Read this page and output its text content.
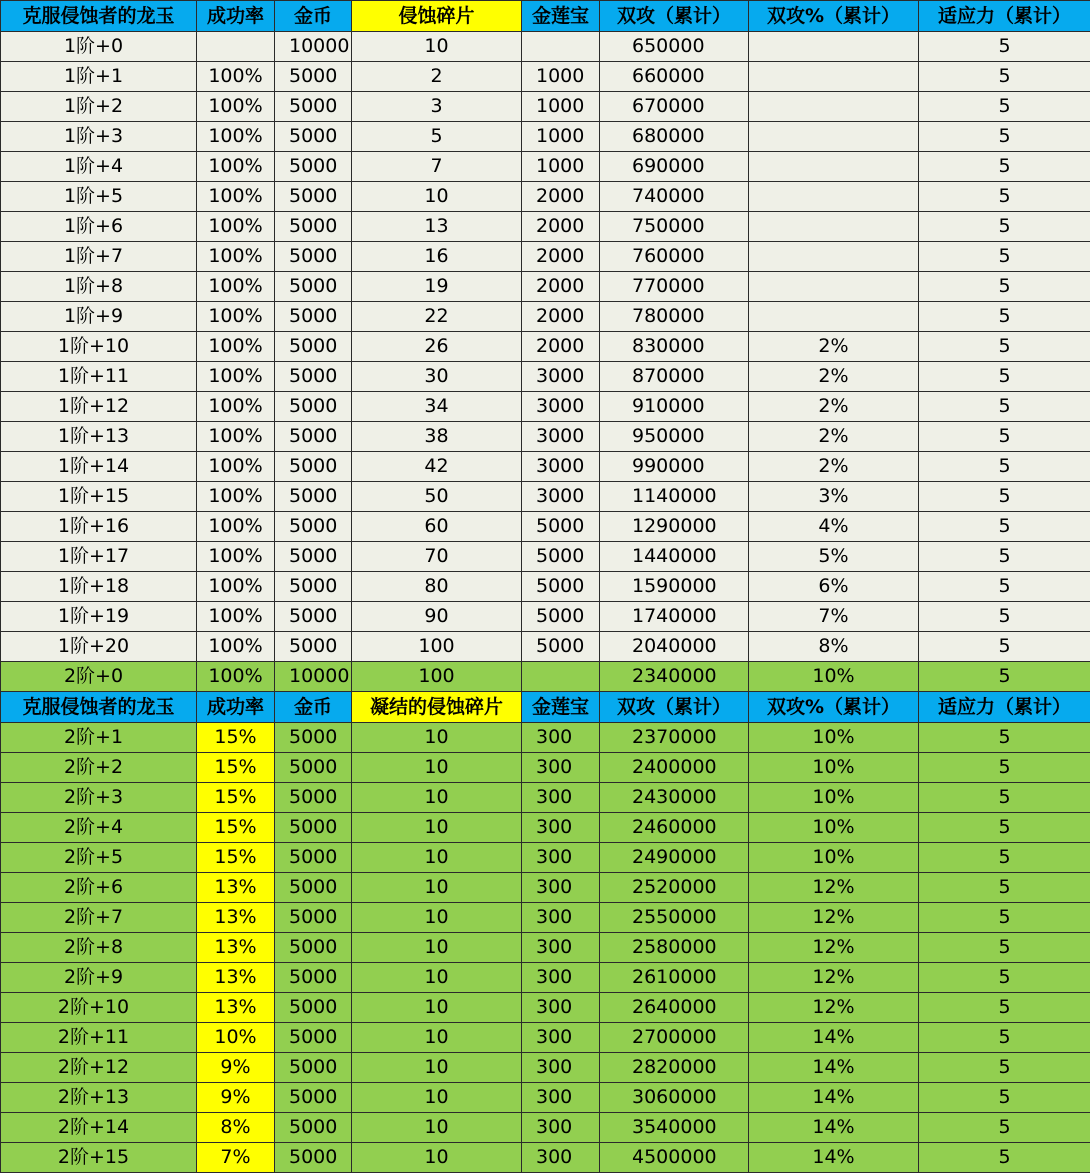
克服侵蚀者的龙玉	成功率	金币	侵蚀碎片	金莲宝	双攻（累计）	双攻%（累计）	适应力（累计）
1阶+0		10000	10		650000		5
1阶+1	100%	5000	2	1000	660000		5
1阶+2	100%	5000	3	1000	670000		5
1阶+3	100%	5000	5	1000	680000		5
1阶+4	100%	5000	7	1000	690000		5
1阶+5	100%	5000	10	2000	740000		5
1阶+6	100%	5000	13	2000	750000		5
1阶+7	100%	5000	16	2000	760000		5
1阶+8	100%	5000	19	2000	770000		5
1阶+9	100%	5000	22	2000	780000		5
1阶+10	100%	5000	26	2000	830000	2%	5
1阶+11	100%	5000	30	3000	870000	2%	5
1阶+12	100%	5000	34	3000	910000	2%	5
1阶+13	100%	5000	38	3000	950000	2%	5
1阶+14	100%	5000	42	3000	990000	2%	5
1阶+15	100%	5000	50	3000	1140000	3%	5
1阶+16	100%	5000	60	5000	1290000	4%	5
1阶+17	100%	5000	70	5000	1440000	5%	5
1阶+18	100%	5000	80	5000	1590000	6%	5
1阶+19	100%	5000	90	5000	1740000	7%	5
1阶+20	100%	5000	100	5000	2040000	8%	5
2阶+0	100%	10000	100		2340000	10%	5
克服侵蚀者的龙玉	成功率	金币	凝结的侵蚀碎片	金莲宝	双攻（累计）	双攻%（累计）	适应力（累计）
2阶+1	15%	5000	10	300	2370000	10%	5
2阶+2	15%	5000	10	300	2400000	10%	5
2阶+3	15%	5000	10	300	2430000	10%	5
2阶+4	15%	5000	10	300	2460000	10%	5
2阶+5	15%	5000	10	300	2490000	10%	5
2阶+6	13%	5000	10	300	2520000	12%	5
2阶+7	13%	5000	10	300	2550000	12%	5
2阶+8	13%	5000	10	300	2580000	12%	5
2阶+9	13%	5000	10	300	2610000	12%	5
2阶+10	13%	5000	10	300	2640000	12%	5
2阶+11	10%	5000	10	300	2700000	14%	5
2阶+12	9%	5000	10	300	2820000	14%	5
2阶+13	9%	5000	10	300	3060000	14%	5
2阶+14	8%	5000	10	300	3540000	14%	5
2阶+15	7%	5000	10	300	4500000	14%	5
